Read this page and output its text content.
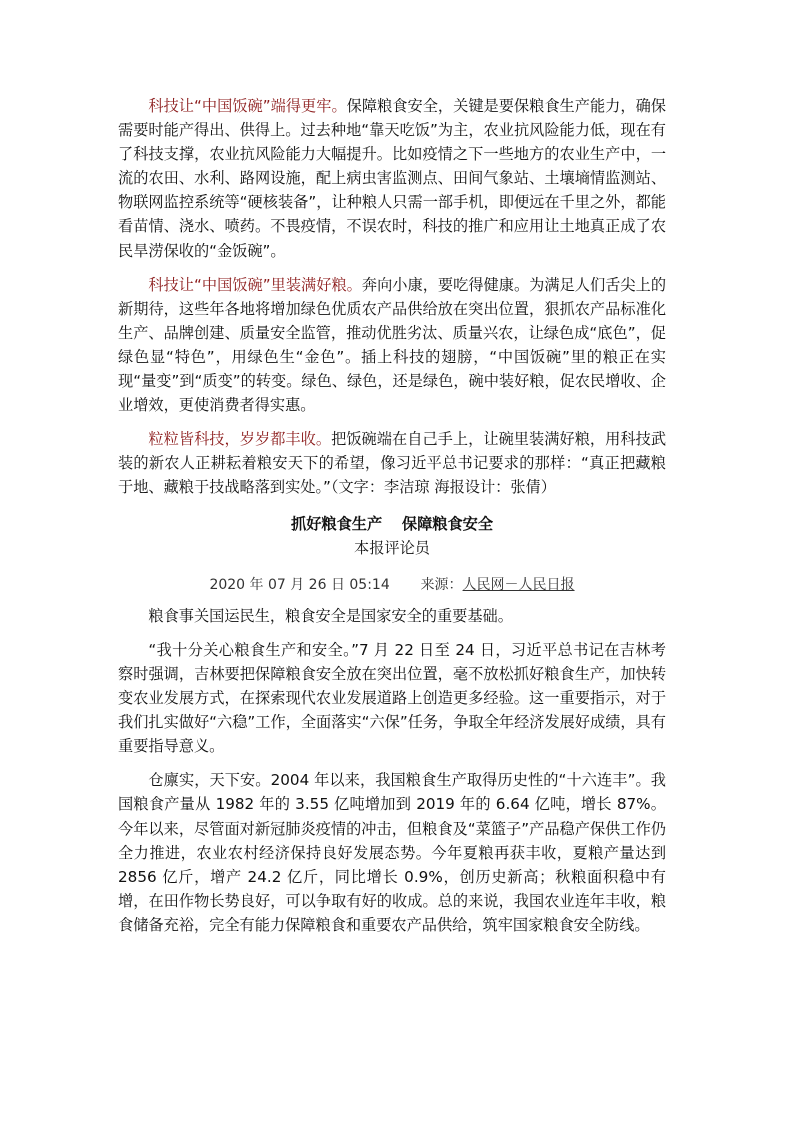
科技让“中国饭碗”端得更牢。保障粮食安全，关键是要保粮食生产能力，确保需要时能产得出、供得上。过去种地“靠天吃饭”为主，农业抗风险能力低，现在有了科技支撑，农业抗风险能力大幅提升。比如疫情之下一些地方的农业生产中，一流的农田、水利、路网设施，配上病虫害监测点、田间气象站、土壤墒情监测站、物联网监控系统等“硬核装备”，让种粮人只需一部手机，即便远在千里之外，都能看苗情、浇水、喷药。不畏疫情，不误农时，科技的推广和应用让土地真正成了农民旱涝保收的“金饭碗”。

科技让“中国饭碗”里装满好粮。奔向小康，要吃得健康。为满足人们舌尖上的新期待，这些年各地将增加绿色优质农产品供给放在突出位置，狠抓农产品标准化生产、品牌创建、质量安全监管，推动优胜劣汰、质量兴农，让绿色成“底色”，促绿色显“特色”，用绿色生“金色”。插上科技的翅膀，“中国饭碗”里的粮正在实现“量变”到“质变”的转变。绿色、绿色，还是绿色，碗中装好粮，促农民增收、企业增效，更使消费者得实惠。

粒粒皆科技，岁岁都丰收。把饭碗端在自己手上，让碗里装满好粮，用科技武装的新农人正耕耘着粮安天下的希望，像习近平总书记要求的那样：“真正把藏粮于地、藏粮于技战略落到实处。”（文字：李洁琼 海报设计：张倩）

抓好粮食生产 保障粮食安全

本报评论员

2020 年 07 月 26 日 05:14 来源：人民网－人民日报

粮食事关国运民生，粮食安全是国家安全的重要基础。

“我十分关心粮食生产和安全。”7 月 22 日至 24 日，习近平总书记在吉林考察时强调，吉林要把保障粮食安全放在突出位置，毫不放松抓好粮食生产，加快转变农业发展方式，在探索现代农业发展道路上创造更多经验。这一重要指示，对于我们扎实做好“六稳”工作，全面落实“六保”任务，争取全年经济发展好成绩，具有重要指导意义。

仓廪实，天下安。2004 年以来，我国粮食生产取得历史性的“十六连丰”。我国粮食产量从 1982 年的 3.55 亿吨增加到 2019 年的 6.64 亿吨，增长 87%。今年以来，尽管面对新冠肺炎疫情的冲击，但粮食及“菜篮子”产品稳产保供工作仍全力推进，农业农村经济保持良好发展态势。今年夏粮再获丰收，夏粮产量达到 2856 亿斤，增产 24.2 亿斤，同比增长 0.9%，创历史新高；秋粮面积稳中有增，在田作物长势良好，可以争取有好的收成。总的来说，我国农业连年丰收，粮食储备充裕，完全有能力保障粮食和重要农产品供给，筑牢国家粮食安全防线。
